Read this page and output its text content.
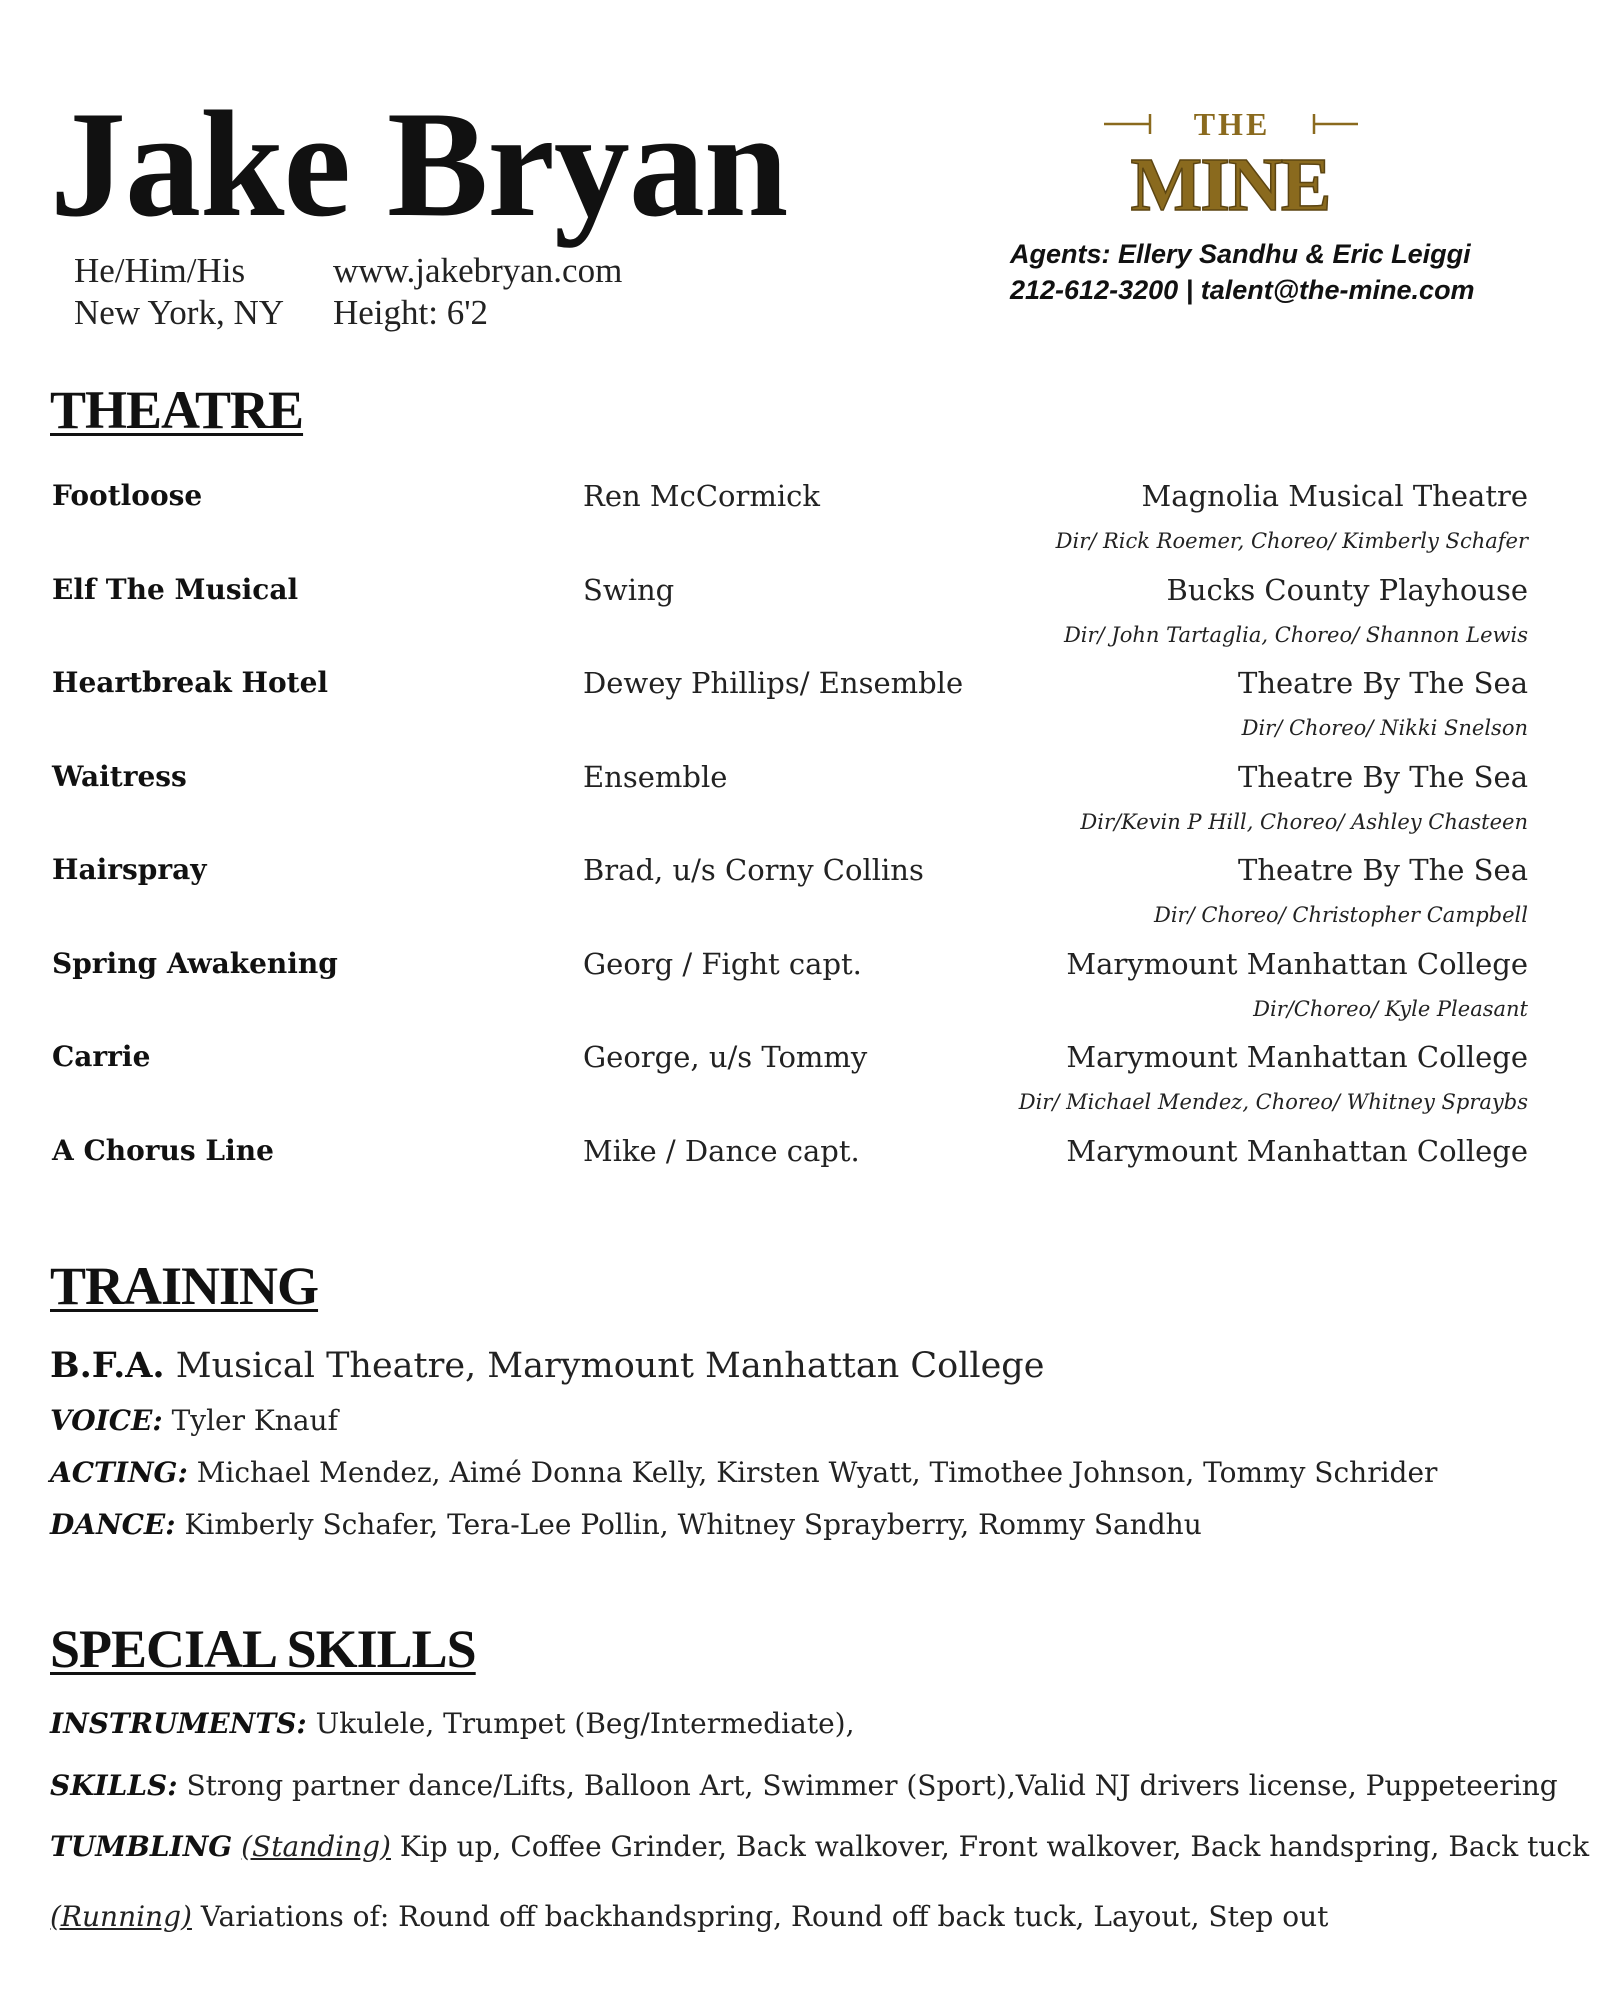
Jake Bryan
He/Him/His
New York, NY
www.jakebryan.com
Height: 6'2
THE
MINE
Agents: Ellery Sandhu & Eric Leiggi
212-612-3200 | talent@the-mine.com
THEATRE
Footloose	Ren McCormick	Magnolia Musical Theatre
Dir/ Rick Roemer, Choreo/ Kimberly Schafer
Elf The Musical	Swing	Bucks County Playhouse
Dir/ John Tartaglia, Choreo/ Shannon Lewis
Heartbreak Hotel	Dewey Phillips/ Ensemble	Theatre By The Sea
Dir/ Choreo/ Nikki Snelson
Waitress	Ensemble	Theatre By The Sea
Dir/Kevin P Hill, Choreo/ Ashley Chasteen
Hairspray	Brad, u/s Corny Collins	Theatre By The Sea
Dir/ Choreo/ Christopher Campbell
Spring Awakening	Georg / Fight capt.	Marymount Manhattan College
Dir/Choreo/ Kyle Pleasant
Carrie	George, u/s Tommy	Marymount Manhattan College
Dir/ Michael Mendez, Choreo/ Whitney Spraybs
A Chorus Line	Mike / Dance capt.	Marymount Manhattan College
TRAINING
B.F.A. Musical Theatre, Marymount Manhattan College
VOICE: Tyler Knauf
ACTING: Michael Mendez, Aimé Donna Kelly, Kirsten Wyatt, Timothee Johnson, Tommy Schrider
DANCE: Kimberly Schafer, Tera-Lee Pollin, Whitney Sprayberry, Rommy Sandhu
SPECIAL SKILLS
INSTRUMENTS: Ukulele, Trumpet (Beg/Intermediate),
SKILLS: Strong partner dance/Lifts, Balloon Art, Swimmer (Sport),Valid NJ drivers license, Puppeteering
TUMBLING (Standing) Kip up, Coffee Grinder, Back walkover, Front walkover, Back handspring, Back tuck
(Running) Variations of: Round off backhandspring, Round off back tuck, Layout, Step out
